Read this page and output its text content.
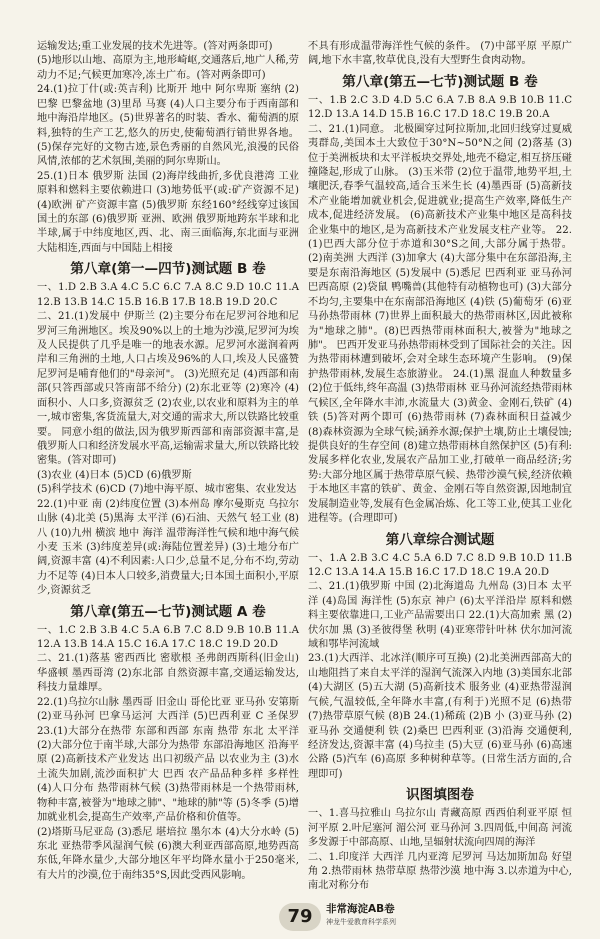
运输发达;重工业发展的技术先进等。(答对两条即可)
(5)地形以山地、高原为主,地形崎岖,交通落后,地广人稀,劳动力不足;气候更加寒冷,冻土广布。(答对两条即可)
24.(1)拉丁什(或:英吉利) 比斯开 地中 阿尔卑斯 塞纳 (2)巴黎 巴黎盆地 (3)里昂 马赛 (4)人口主要分布于西南部和地中海沿岸地区。(5)世界著名的时装、香水、葡萄酒的原料,独特的生产工艺,悠久的历史,使葡萄酒行销世界各地。(5)保存完好的文物古迹,景色秀丽的自然风光,浪漫的民俗风情,浓郁的艺术氛围,美丽的阿尔卑斯山。
25.(1)日本 俄罗斯 法国 (2)海岸线曲折,多优良港湾 工业原料和燃料主要依赖进口 (3)地势低平(或:矿产资源不足) (4)欧洲 矿产资源丰富 (5)俄罗斯 东经160°经线穿过该国国土的东部 (6)俄罗斯 亚洲、欧洲 俄罗斯地跨东半球和北半球,属于中纬度地区,西、北、南三面临海,东北面与亚洲大陆相连,西面与中国陆上相接
第八章(第一—四节)测试题 B 卷
一、1.D 2.B 3.A 4.C 5.C 6.C 7.A 8.C 9.D 10.C 11.A 12.B 13.B 14.C 15.B 16.B 17.B 18.B 19.D 20.C
二、21.(1)发展中 伊斯兰 (2)主要分布在尼罗河谷地和尼罗河三角洲地区。埃及90%以上的土地为沙漠,尼罗河为埃及人民提供了几乎是唯一的地表水源。尼罗河水滋润着两岸和三角洲的土地,人口占埃及96%的人口,埃及人民盛赞尼罗河是哺育他们的"母亲河"。 (3)光照充足 (4)西部和南部(只答西部或只答南部不给分) (2)东北亚等 (2)寒冷 (4)面积小、人口多,资源贫乏 (2)农业,以农业和原料为主的单一,城市密集,客货流量大,对交通的需求大,所以铁路比较重要。 同意小组的做法,因为俄罗斯西部和南部资源丰富,是俄罗斯人口和经济发展水平高,运输需求量大,所以铁路比较密集。(答对即可)
(3)农业 (4)日本 (5)CD (6)俄罗斯
(5)科学技术 (6)CD (7)地中海平原、城市密集、农业发达
22.(1)中亚 南 (2)纬度位置 (3)本州岛 摩尔曼斯克 乌拉尔山脉 (4)北美 (5)黑海 太平洋 (6)石油、天然气 轻工业 (8)八 (10)九州 横滨 地中 海洋 温带海洋性气候和地中海气候 小麦 玉米 (3)纬度差异(或:海陆位置差异) (3)土地分布广阔,资源丰富 (4)不利因素:人口少,总量不足,分布不均,劳动力不足等 (4)日本人口较多,消费量大;日本国土面积小,平原少,资源贫乏
第八章(第五—七节)测试题 A 卷
一、1.C 2.B 3.B 4.C 5.A 6.B 7.C 8.D 9.B 10.B 11.A 12.A 13.B 14.A 15.C 16.A 17.C 18.C 19.D 20.D
二、21.(1)落基 密西西比 密歇根 圣弗朗西斯科(旧金山) 华盛顿 墨西哥湾 (2)东北部 自然资源丰富,交通运输发达,科技力量雄厚。
22.(1)乌拉尔山脉 墨西哥 旧金山 哥伦比亚 亚马孙 安第斯 (2)亚马孙河 巴拿马运河 大西洋 (5)巴西利亚 C 圣保罗 23.(1)大部分在热带 东部和西部 东南 热带 东北 太平洋 (2)大部分位于南半球,大部分为热带 东部沿海地区 沿海平原 (2)高新技术产业发达 出口初级产品 以农业为主 (3)水土流失加剧,流沙面积扩大 巴西 农产品品种多样 多样性 (4)人口分布 热带雨林气候 (3)热带雨林是一个热带雨林,物种丰富,被誉为"地球之肺"、"地球的肺"等 (5)冬季 (5)增加就业机会,提高生产效率,产品价格和价值等。
(2)塔斯马尼亚岛 (3)悉尼 堪培拉 墨尔本 (4)大分水岭 (5)东北 亚热带季风湿润气候 (6)澳大利亚西部高原,地势西高东低,年降水量少,大部分地区年平均降水量小于250毫米,有大片的沙漠,位于南纬35°S,因此受西风影响。
不具有形成温带海洋性气候的条件。 (7)中部平原 平原广阔,地下水丰富,牧草优良,没有大型野生食肉动物。
第八章(第五—七节)测试题 B 卷
一、1.B 2.C 3.D 4.D 5.C 6.A 7.B 8.A 9.B 10.B 11.C 12.D 13.A 14.D 15.B 16.C 17.D 18.C 19.B 20.A
二、21.(1)同意。 北极圈穿过阿拉斯加,北回归线穿过夏威夷群岛,美国本土大致位于30°N~50°N之间 (2)落基 (3)位于美洲板块和太平洋板块交界处,地壳不稳定,相互挤压碰撞隆起,形成了山脉。 (3)玉米带 (2)位于温带,地势平坦,土壤肥沃,春季气温较高,适合玉米生长 (4)墨西哥 (5)高新技术产业能增加就业机会,促进就业;提高生产效率,降低生产成本,促进经济发展。 (6)高新技术产业集中地区是高科技企业集中的地区,是为高新技术产业发展支柱产业等。 22.(1)巴西大部分位于赤道和30°S之间,大部分属于热带。 (2)南美洲 大西洋 (3)加拿大 (4)大部分集中在东部沿海,主要是东南沿海地区 (5)发展中 (5)悉尼 巴西利亚 亚马孙河 巴西高原 (2)袋鼠 鸭嘴兽(其他特有动植物也可) (3)大部分不均匀,主要集中在东南部沿海地区 (4)铁 (5)葡萄牙 (6)亚马孙热带雨林 (7)世界上面积最大的热带雨林区,因此被称为"地球之肺"。(8)巴西热带雨林面积大,被誉为"地球之肺"。 巴西开发亚马孙热带雨林受到了国际社会的关注。因为热带雨林遭到破坏,会对全球生态环境产生影响。 (9)保护热带雨林,发展生态旅游业。 24.(1)黑 混血人种数量多 (2)位于低纬,终年高温 (3)热带雨林 亚马孙河流经热带雨林气候区,全年降水丰沛,水流量大 (3)黄金、金刚石,铁矿 (4)铁 (5)答对两个即可 (6)热带雨林 (7)森林面积日益减少 (8)森林资源为全球气候;涵养水源;保护土壤,防止土壤侵蚀;提供良好的生存空间 (8)建立热带雨林自然保护区 (5)有利:发展多样化农业,发展农产品加工业,打破单一商品经济;劣势:大部分地区属于热带草原气候、热带沙漠气候,经济依赖于本地区丰富的铁矿、黄金、金刚石等自然资源,因地制宜发展制造业等,发展有色金属冶炼、化工等工业,使其工业化进程等。(合理即可)
第八章综合测试题
一、1.A 2.B 3.C 4.C 5.A 6.D 7.C 8.D 9.B 10.D 11.B 12.C 13.A 14.A 15.B 16.C 17.D 18.C 19.A 20.D
二、21.(1)俄罗斯 中国 (2)北海道岛 九州岛 (3)日本 太平洋 (4)岛国 海洋性 (5)东京 神户 (6)太平洋沿岸 原料和燃料主要依靠进口,工业产品需要出口 22.(1)大高加索 黑 (2)伏尔加 黑 (3)圣彼得堡 秋明 (4)亚寒带针叶林 伏尔加河流域和鄂毕河流域
23.(1)大西洋、北冰洋(顺序可互换) (2)北美洲西部高大的山地阻挡了来自太平洋的湿润气流深入内地 (3)美国东北部 (4)大湖区 (5)五大湖 (5)高新技术 服务业 (4)亚热带湿润气候,气温较低,全年降水丰富,(有利于)光照不足 (6)热带 (7)热带草原气候 (8)B 24.(1)稀疏 (2)B 小 (3)亚马孙 (2)亚马孙 交通便利 铁 (2)桑巴 巴西利亚 (3)沿海 交通便利,经济发达,资源丰富 (4)乌拉圭 (5)大豆 (6)亚马孙 (6)高速公路 (5)汽车 (6)高原 多种树种草等。(日常生活方面的,合理即可)
识图填图卷
一、1.喜马拉雅山 乌拉尔山 青藏高原 西西伯利亚平原 恒河平原 2.叶尼塞河 湄公河 亚马孙河 3.四周低,中间高 河流多发源于中部高原、山地,呈辐射状流向四周的海洋
二、1.印度洋 大西洋 几内亚湾 尼罗河 马达加斯加岛 好望角 2.热带雨林 热带草原 热带沙漠 地中海 3.以赤道为中心,南北对称分布
79	非常海淀AB卷
神龙牛爱教育科学系列
